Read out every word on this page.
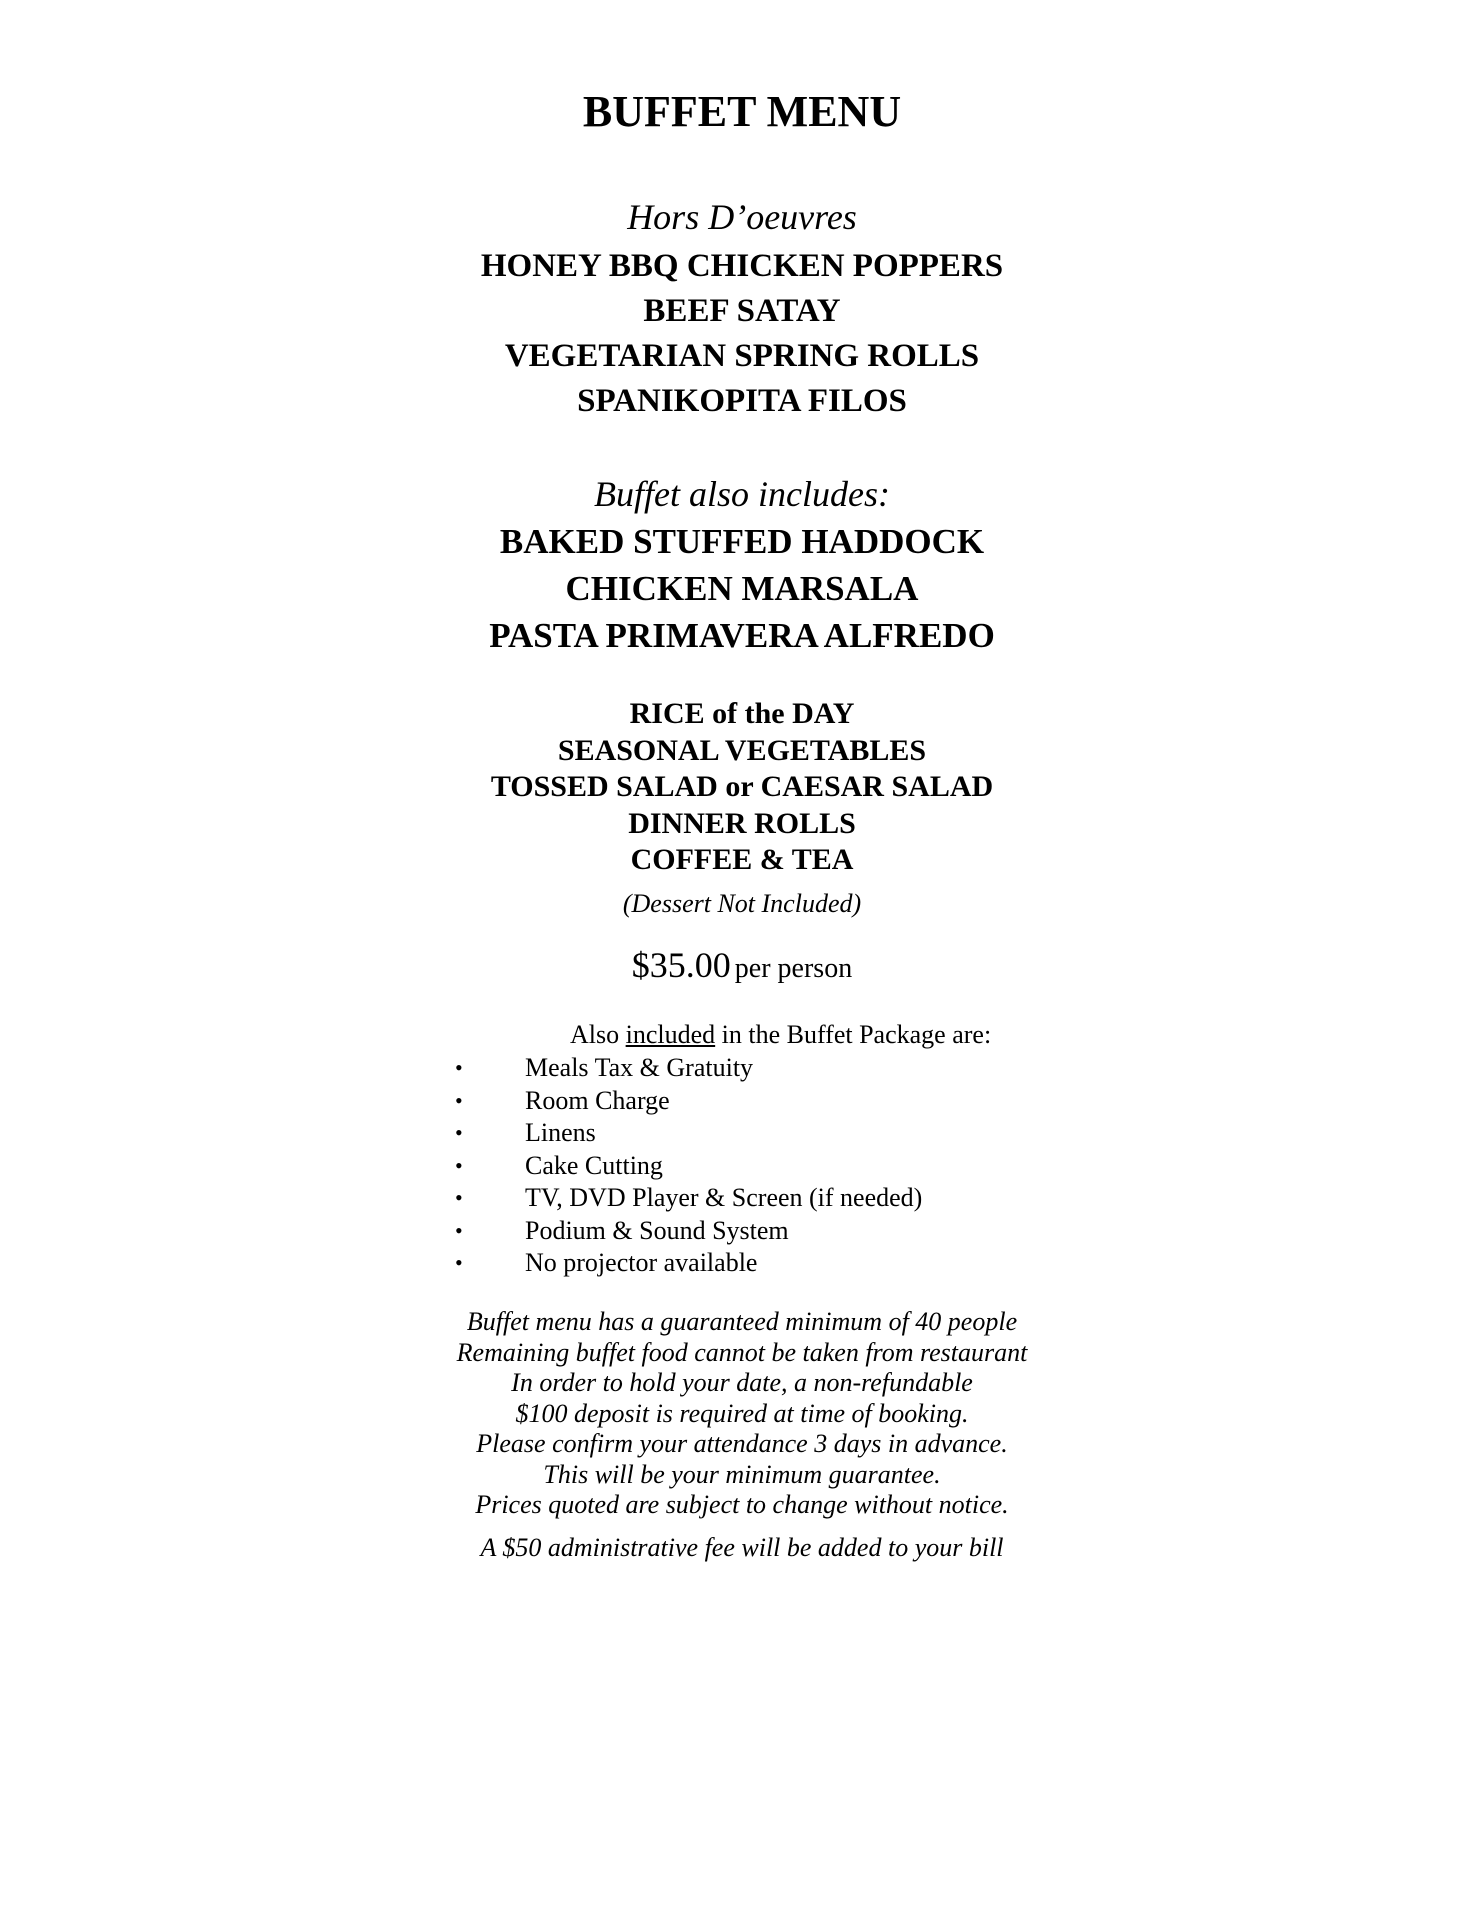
BUFFET MENU
Hors D’oeuvres
HONEY BBQ CHICKEN POPPERS
BEEF SATAY
VEGETARIAN SPRING ROLLS
SPANIKOPITA FILOS
Buffet also includes:
BAKED STUFFED HADDOCK
CHICKEN MARSALA
PASTA PRIMAVERA ALFREDO
RICE of the DAY
SEASONAL VEGETABLES
TOSSED SALAD or CAESAR SALAD
DINNER ROLLS
COFFEE & TEA
(Dessert Not Included)
$35.00 per person
Also included in the Buffet Package are:
• Meals Tax & Gratuity
• Room Charge
• Linens
• Cake Cutting
• TV, DVD Player & Screen (if needed)
• Podium & Sound System
• No projector available
Buffet menu has a guaranteed minimum of 40 people
Remaining buffet food cannot be taken from restaurant
In order to hold your date, a non-refundable
$100 deposit is required at time of booking.
Please confirm your attendance 3 days in advance.
This will be your minimum guarantee.
Prices quoted are subject to change without notice.
A $50 administrative fee will be added to your bill
